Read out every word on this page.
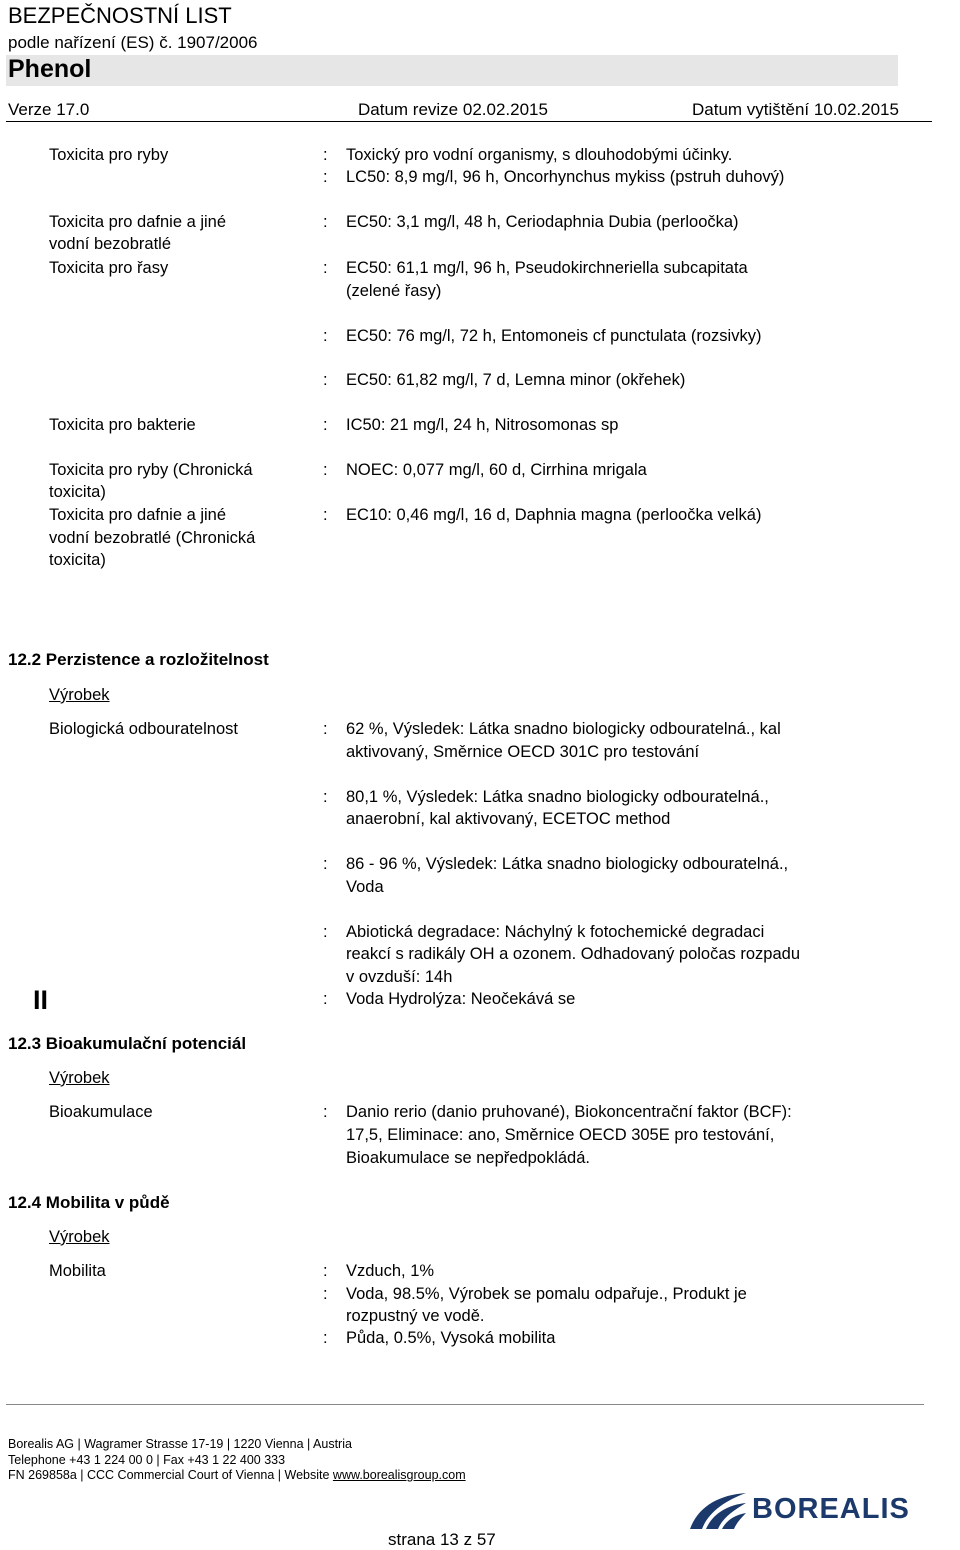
BEZPEČNOSTNÍ LIST
podle nařízení (ES) č. 1907/2006
Phenol
Verze 17.0	Datum revize 02.02.2015	Datum vytištění 10.02.2015
Toxicita pro ryby	: Toxický pro vodní organismy, s dlouhodobými účinky.
: LC50: 8,9 mg/l, 96 h, Oncorhynchus mykiss (pstruh duhový)
Toxicita pro dafnie a jiné
vodní bezobratlé
: EC50: 3,1 mg/l, 48 h, Ceriodaphnia Dubia (perloočka)
Toxicita pro řasy	: EC50: 61,1 mg/l, 96 h, Pseudokirchneriella subcapitata
(zelené řasy)
: EC50: 76 mg/l, 72 h, Entomoneis cf punctulata (rozsivky)
: EC50: 61,82 mg/l, 7 d, Lemna minor (okřehek)
Toxicita pro bakterie	: IC50: 21 mg/l, 24 h, Nitrosomonas sp
Toxicita pro ryby (Chronická
toxicita)
: NOEC: 0,077 mg/l, 60 d, Cirrhina mrigala
Toxicita pro dafnie a jiné
vodní bezobratlé (Chronická
toxicita)
: EC10: 0,46 mg/l, 16 d, Daphnia magna (perloočka velká)
12.2 Perzistence a rozložitelnost
Výrobek
Biologická odbouratelnost	: 62 %, Výsledek: Látka snadno biologicky odbouratelná., kal
aktivovaný, Směrnice OECD 301C pro testování
: 80,1 %, Výsledek: Látka snadno biologicky odbouratelná.,
anaerobní, kal aktivovaný, ECETOC method
: 86 - 96 %, Výsledek: Látka snadno biologicky odbouratelná.,
Voda
: Abiotická degradace: Náchylný k fotochemické degradaci
reakcí s radikály OH a ozonem. Odhadovaný poločas rozpadu
v ovzduší: 14h
: Voda Hydrolýza: Neočekává se
II
12.3 Bioakumulační potenciál
Výrobek
Bioakumulace	: Danio rerio (danio pruhované), Biokoncentrační faktor (BCF):
17,5, Eliminace: ano, Směrnice OECD 305E pro testování,
Bioakumulace se nepředpokládá.
12.4 Mobilita v půdě
Výrobek
Mobilita	: Vzduch, 1%
: Voda, 98.5%, Výrobek se pomalu odpařuje., Produkt je
rozpustný ve vodě.
: Půda, 0.5%, Vysoká mobilita
Borealis AG | Wagramer Strasse 17-19 | 1220 Vienna | Austria
Telephone +43 1 224 00 0 | Fax +43 1 22 400 333
FN 269858a | CCC Commercial Court of Vienna | Website www.borealisgroup.com
BOREALIS
strana 13 z 57
